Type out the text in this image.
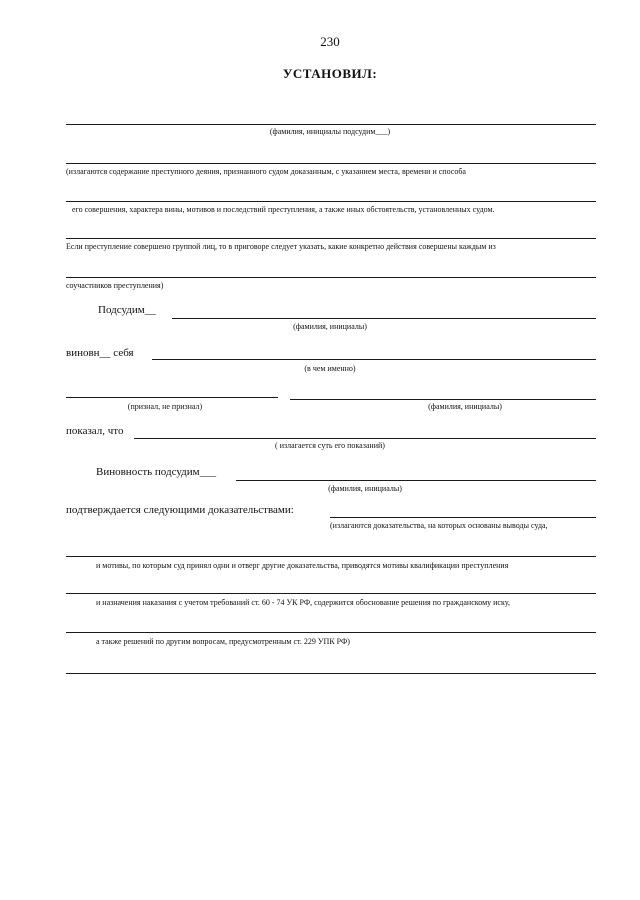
230
УСТАНОВИЛ:
(фамилия, инициалы подсудим___)
(излагаются содержание преступного деяния, признанного судом доказанным, с указанием места, времени и способа
его совершения, характера вины, мотивов и последствий преступления, а также иных обстоятельств, установленных судом.
Если преступление совершено группой лиц, то в приговоре следует указать, какие конкретно действия совершены каждым из
соучастников преступления)
Подсудим__
(фамилия, инициалы)
виновн__ себя
(в чем именно)
(признал, не признал)	(фамилия, инициалы)
показал, что
( излагается суть его показаний)
Виновность подсудим___
(фамилия, инициалы)
подтверждается следующими доказательствами:
(излагаются доказательства, на которых основаны выводы суда,
и мотивы, по которым суд принял одни и отверг другие доказательства, приводятся мотивы квалификации преступления
и назначения наказания с учетом требований ст. 60 - 74 УК РФ, содержится обоснование решения по гражданскому иску,
а также решений по другим вопросам, предусмотренным ст. 229 УПК РФ)
